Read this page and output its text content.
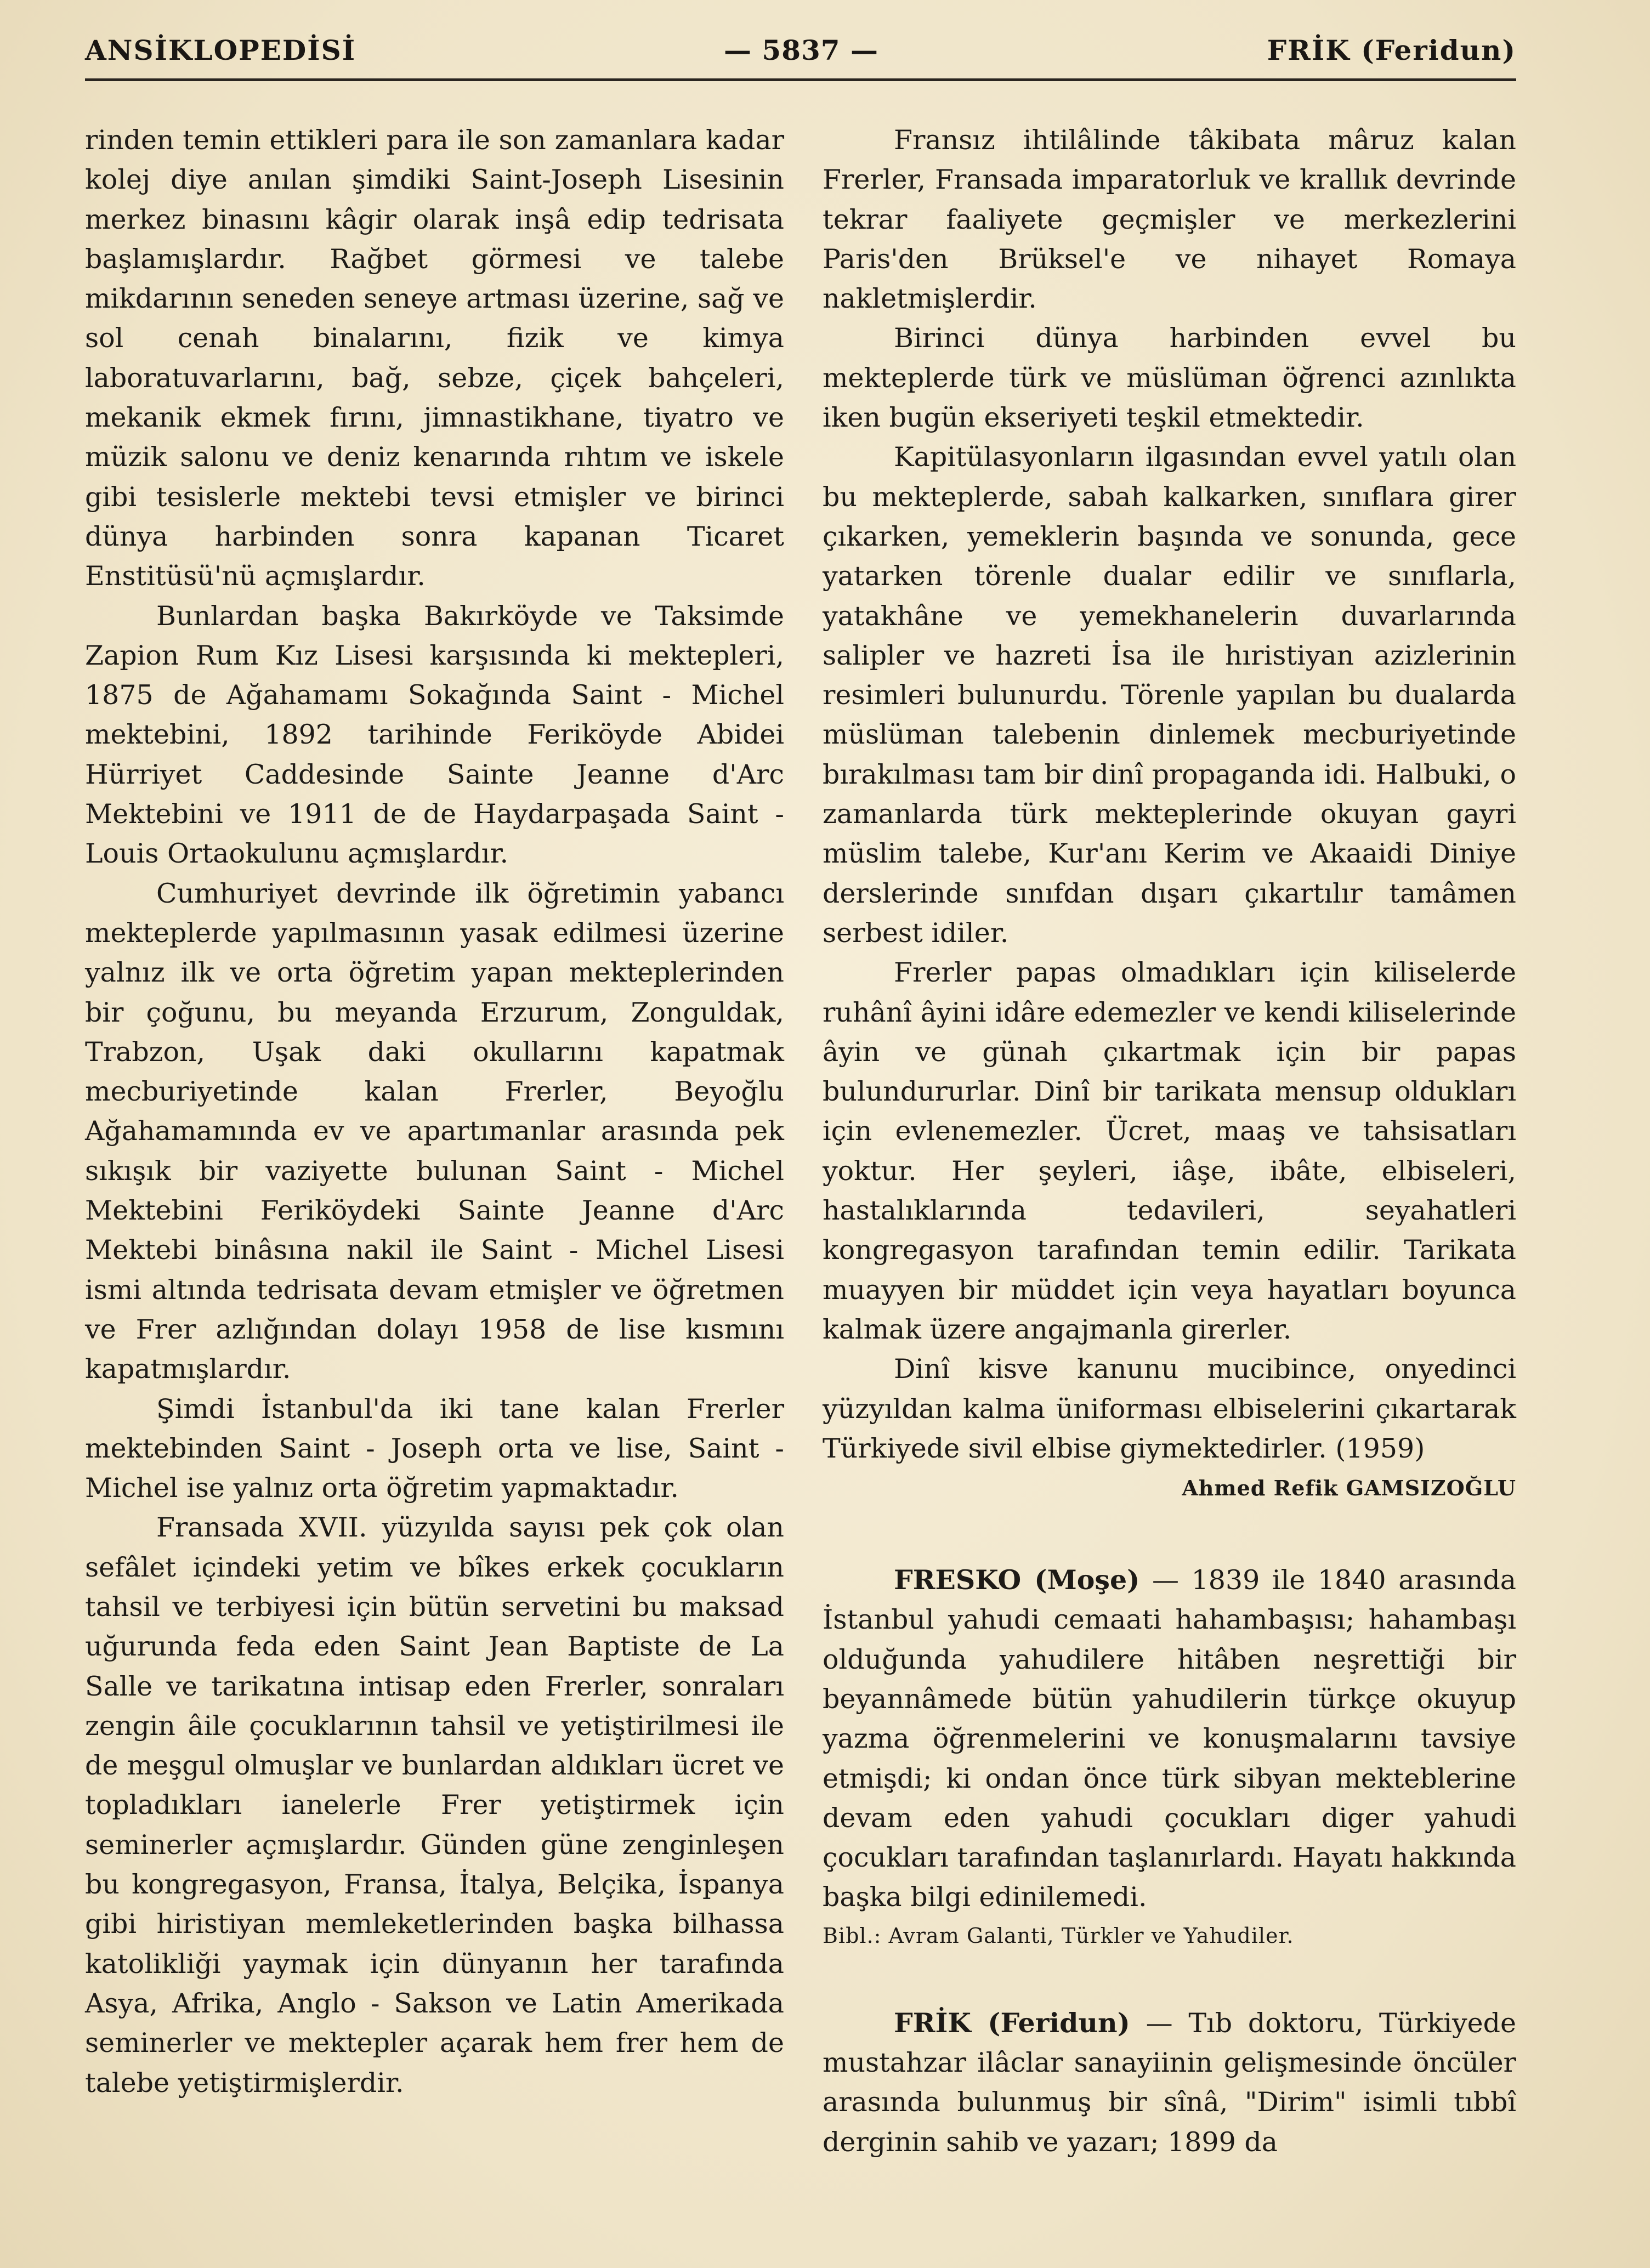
ANSİKLOPEDİSİ	— 5837 —	FRİK (Feridun)

rinden temin ettikleri para ile son zamanlara kadar kolej diye anılan şimdiki Saint-Joseph Lisesinin merkez binasını kâgir olarak inşâ edip tedrisata başlamışlardır. Rağbet görmesi ve talebe mikdarının seneden seneye artması üzerine, sağ ve sol cenah binalarını, fizik ve kimya laboratuvarlarını, bağ, sebze, çiçek bahçeleri, mekanik ekmek fırını, jimnastikhane, tiyatro ve müzik salonu ve deniz kenarında rıhtım ve iskele gibi tesislerle mektebi tevsi etmişler ve birinci dünya harbinden sonra kapanan Ticaret Enstitüsü'nü açmışlardır.

Bunlardan başka Bakırköyde ve Taksimde Zapion Rum Kız Lisesi karşısında ki mektepleri, 1875 de Ağahamamı Sokağında Saint - Michel mektebini, 1892 tarihinde Feriköyde Abidei Hürriyet Caddesinde Sainte Jeanne d'Arc Mektebini ve 1911 de de Haydarpaşada Saint - Louis Ortaokulunu açmışlardır.

Cumhuriyet devrinde ilk öğretimin yabancı mekteplerde yapılmasının yasak edilmesi üzerine yalnız ilk ve orta öğretim yapan mekteplerinden bir çoğunu, bu meyanda Erzurum, Zonguldak, Trabzon, Uşak daki okullarını kapatmak mecburiyetinde kalan Frerler, Beyoğlu Ağahamamında ev ve apartımanlar arasında pek sıkışık bir vaziyette bulunan Saint - Michel Mektebini Feriköydeki Sainte Jeanne d'Arc Mektebi binâsına nakil ile Saint - Michel Lisesi ismi altında tedrisata devam etmişler ve öğretmen ve Frer azlığından dolayı 1958 de lise kısmını kapatmışlardır.

Şimdi İstanbul'da iki tane kalan Frerler mektebinden Saint - Joseph orta ve lise, Saint - Michel ise yalnız orta öğretim yapmaktadır.

Fransada XVII. yüzyılda sayısı pek çok olan sefâlet içindeki yetim ve bîkes erkek çocukların tahsil ve terbiyesi için bütün servetini bu maksad uğurunda feda eden Saint Jean Baptiste de La Salle ve tarikatına intisap eden Frerler, sonraları zengin âile çocuklarının tahsil ve yetiştirilmesi ile de meşgul olmuşlar ve bunlardan aldıkları ücret ve topladıkları ianelerle Frer yetiştirmek için seminerler açmışlardır. Günden güne zenginleşen bu kongregasyon, Fransa, İtalya, Belçika, İspanya gibi hiristiyan memleketlerinden başka bilhassa katolikliği yaymak için dünyanın her tarafında Asya, Afrika, Anglo - Sakson ve Latin Amerikada seminerler ve mektepler açarak hem frer hem de talebe yetiştirmişlerdir.

Fransız ihtilâlinde tâkibata mâruz kalan Frerler, Fransada imparatorluk ve krallık devrinde tekrar faaliyete geçmişler ve merkezlerini Paris'den Brüksel'e ve nihayet Romaya nakletmişlerdir.

Birinci dünya harbinden evvel bu mekteplerde türk ve müslüman öğrenci azınlıkta iken bugün ekseriyeti teşkil etmektedir.

Kapitülasyonların ilgasından evvel yatılı olan bu mekteplerde, sabah kalkarken, sınıflara girer çıkarken, yemeklerin başında ve sonunda, gece yatarken törenle dualar edilir ve sınıflarla, yatakhâne ve yemekhanelerin duvarlarında salipler ve hazreti İsa ile hıristiyan azizlerinin resimleri bulunurdu. Törenle yapılan bu dualarda müslüman talebenin dinlemek mecburiyetinde bırakılması tam bir dinî propaganda idi. Halbuki, o zamanlarda türk mekteplerinde okuyan gayri müslim talebe, Kur'anı Kerim ve Akaaidi Diniye derslerinde sınıfdan dışarı çıkartılır tamâmen serbest idiler.

Frerler papas olmadıkları için kiliselerde ruhânî âyini idâre edemezler ve kendi kiliselerinde âyin ve günah çıkartmak için bir papas bulundururlar. Dinî bir tarikata mensup oldukları için evlenemezler. Ücret, maaş ve tahsisatları yoktur. Her şeyleri, iâşe, ibâte, elbiseleri, hastalıklarında tedavileri, seyahatleri kongregasyon tarafından temin edilir. Tarikata muayyen bir müddet için veya hayatları boyunca kalmak üzere angajmanla girerler.

Dinî kisve kanunu mucibince, onyedinci yüzyıldan kalma üniforması elbiselerini çıkartarak Türkiyede sivil elbise giymektedirler. (1959)

Ahmed Refik GAMSIZOĞLU

FRESKO (Moşe) — 1839 ile 1840 arasında İstanbul yahudi cemaati hahambaşısı; hahambaşı olduğunda yahudilere hitâben neşrettiği bir beyannâmede bütün yahudilerin türkçe okuyup yazma öğrenmelerini ve konuşmalarını tavsiye etmişdi; ki ondan önce türk sibyan mekteblerine devam eden yahudi çocukları diger yahudi çocukları tarafından taşlanırlardı. Hayatı hakkında başka bilgi edinilemedi.

Bibl.: Avram Galanti, Türkler ve Yahudiler.

FRİK (Feridun) — Tıb doktoru, Türkiyede mustahzar ilâclar sanayiinin gelişmesinde öncüler arasında bulunmuş bir sînâ, "Dirim" isimli tıbbî derginin sahib ve yazarı; 1899 da
